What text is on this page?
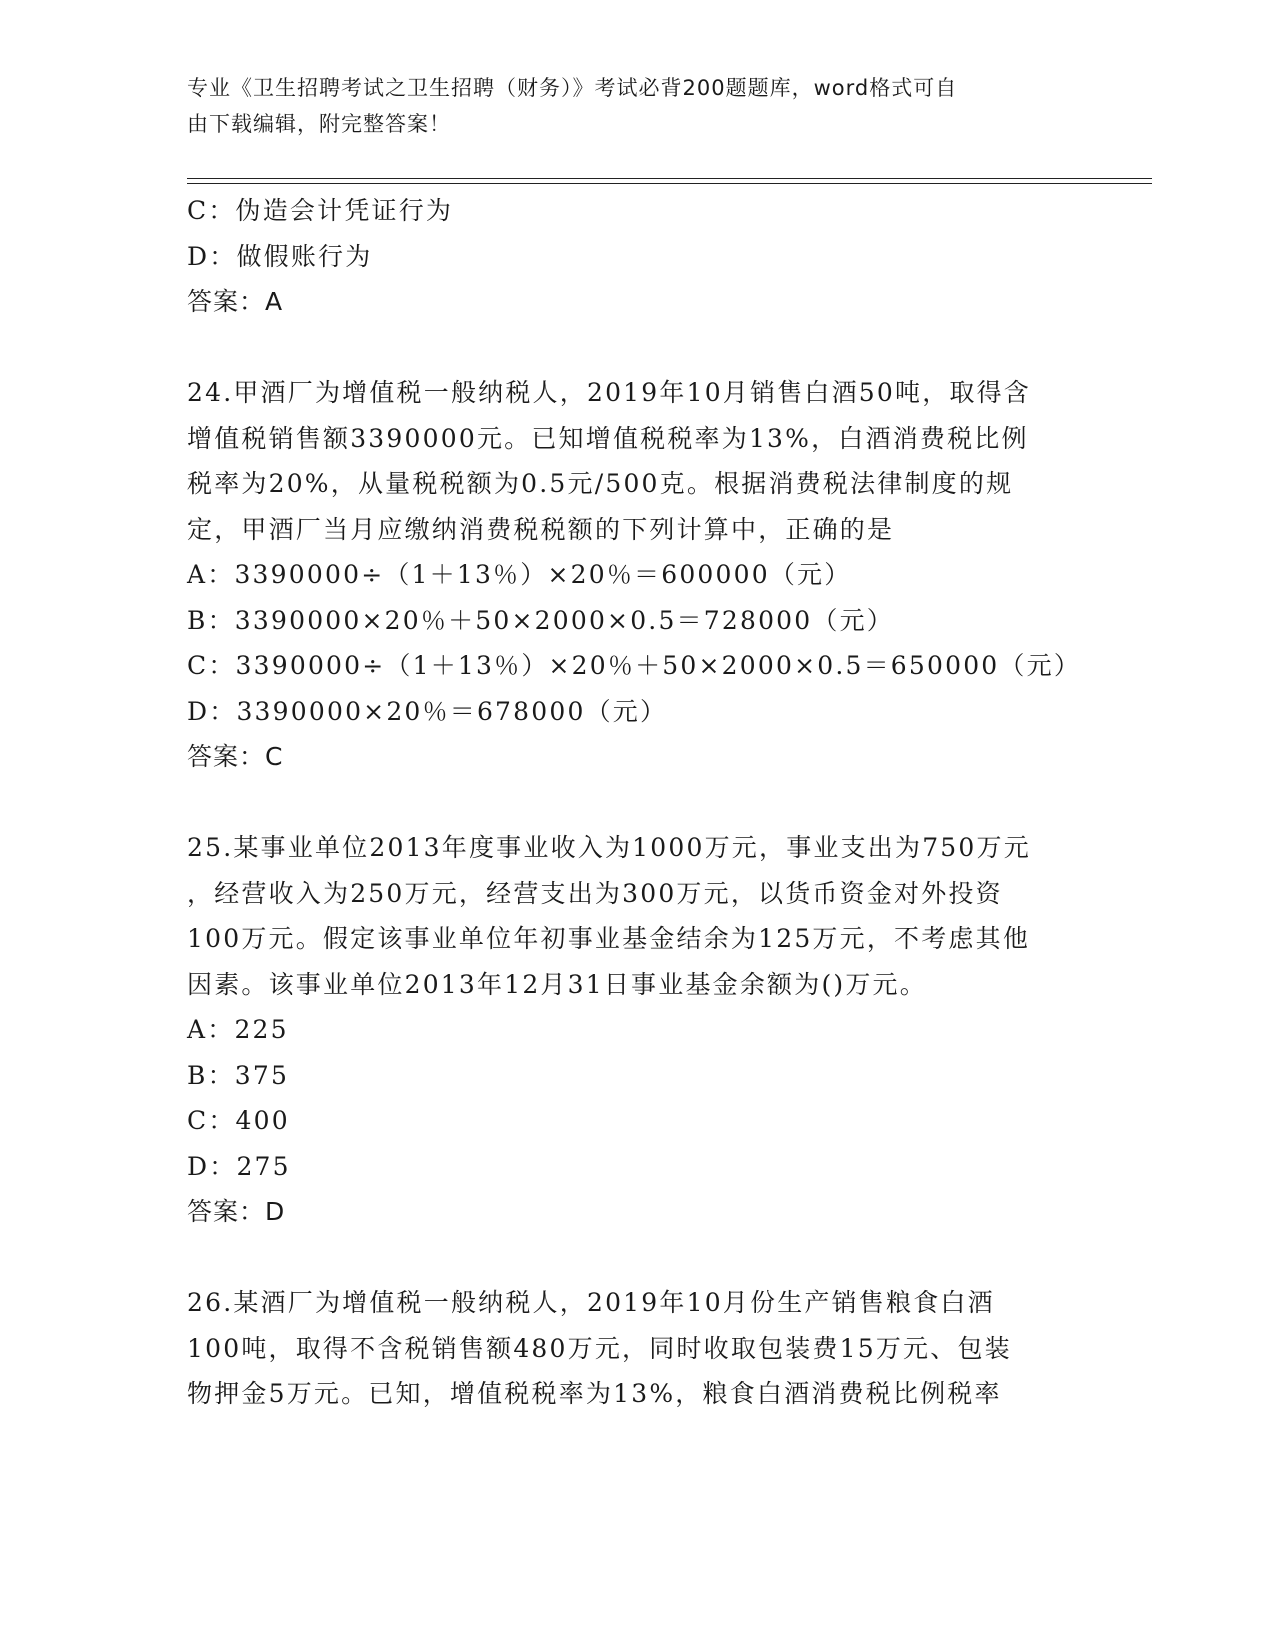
专业《卫生招聘考试之卫生招聘（财务）》考试必背200题题库，word格式可自
由下载编辑，附完整答案！
C：伪造会计凭证行为
D：做假账行为
答案：A
24.甲酒厂为增值税一般纳税人，2019年10月销售白酒50吨，取得含
增值税销售额3390000元。已知增值税税率为13%，白酒消费税比例
税率为20%，从量税税额为0.5元/500克。根据消费税法律制度的规
定，甲酒厂当月应缴纳消费税税额的下列计算中，正确的是
A：3390000÷（1＋13％）×20％＝600000（元）
B：3390000×20％＋50×2000×0.5＝728000（元）
C：3390000÷（1＋13％）×20％＋50×2000×0.5＝650000（元）
D：3390000×20％＝678000（元）
答案：C
25.某事业单位2013年度事业收入为1000万元，事业支出为750万元
，经营收入为250万元，经营支出为300万元，以货币资金对外投资
100万元。假定该事业单位年初事业基金结余为125万元，不考虑其他
因素。该事业单位2013年12月31日事业基金余额为()万元。
A：225
B：375
C：400
D：275
答案：D
26.某酒厂为增值税一般纳税人，2019年10月份生产销售粮食白酒
100吨，取得不含税销售额480万元，同时收取包装费15万元、包装
物押金5万元。已知，增值税税率为13%，粮食白酒消费税比例税率
